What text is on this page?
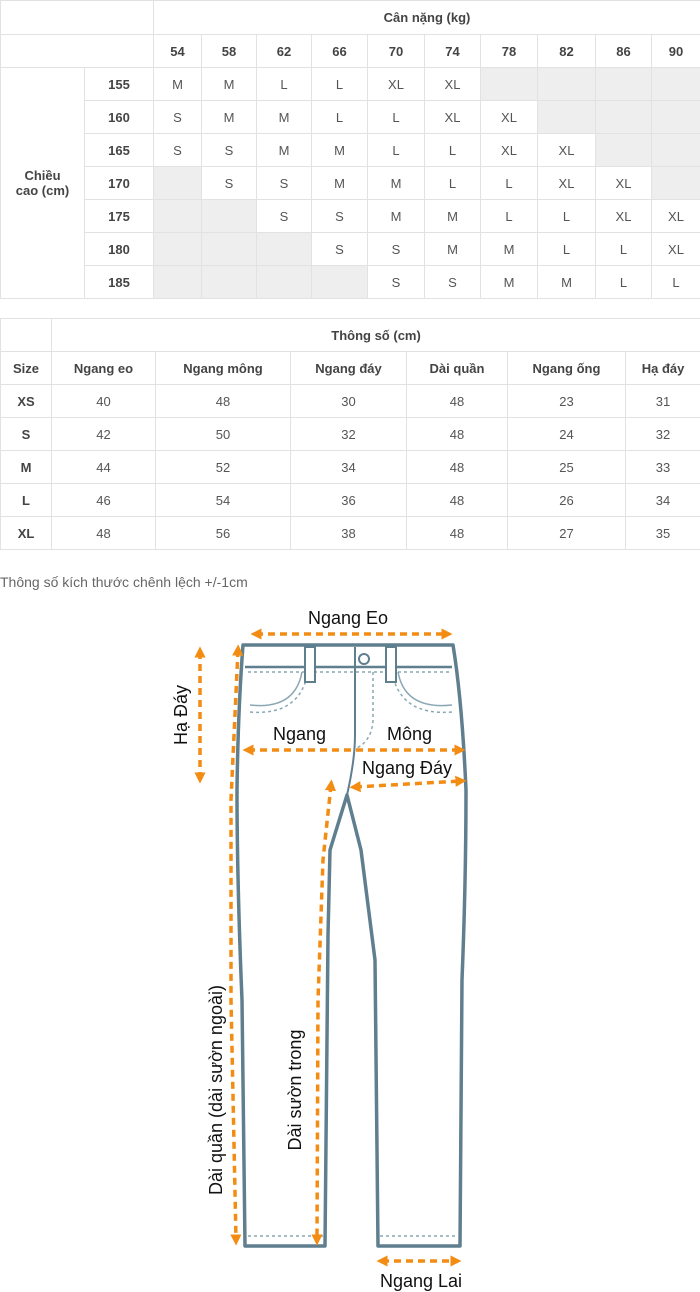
		Cân nặng (kg)									
		54	58	62	66	70	74	78	82	86	90
Chiều cao (cm)	155	M	M	L	L	XL	XL				
	160	S	M	M	L	L	XL	XL			
	165	S	S	M	M	L	L	XL	XL		
	170		S	S	M	M	L	L	XL	XL	
	175			S	S	M	M	L	L	XL	XL
	180				S	S	M	M	L	L	XL
	185					S	S	M	M	L	L
	Thông số (cm)					
Size	Ngang eo	Ngang mông	Ngang đáy	Dài quần	Ngang ống	Hạ đáy
XS	40	48	30	48	23	31
S	42	50	32	48	24	32
M	44	52	34	48	25	33
L	46	54	36	48	26	34
XL	48	56	38	48	27	35
Thông số kích thước chênh lệch +/-1cm
Ngang Eo
Hạ Đáy	Ngang	Mông
Ngang Đáy
Dài quần (dài sườn ngoài)	Dài sườn trong
Ngang Lai
